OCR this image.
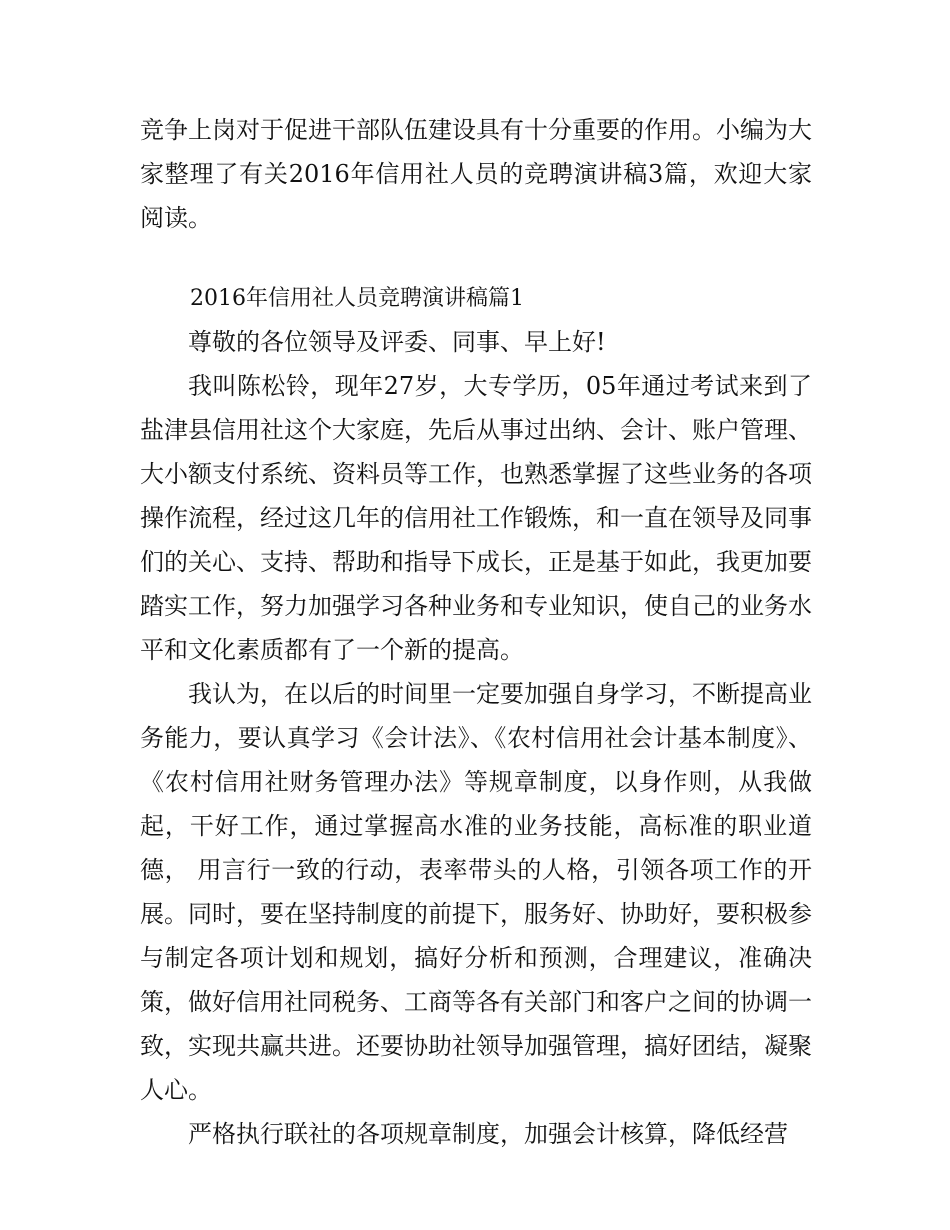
竞争上岗对于促进干部队伍建设具有十分重要的作用。小编为大家整理了有关2016年信用社人员的竞聘演讲稿3篇，欢迎大家阅读。
2016年信用社人员竞聘演讲稿篇1

尊敬的各位领导及评委、同事、早上好!

我叫陈松铃，现年27岁，大专学历，05年通过考试来到了盐津县信用社这个大家庭，先后从事过出纳、会计、账户管理、大小额支付系统、资料员等工作，也熟悉掌握了这些业务的各项操作流程，经过这几年的信用社工作锻炼，和一直在领导及同事们的关心、支持、帮助和指导下成长，正是基于如此，我更加要踏实工作，努力加强学习各种业务和专业知识，使自己的业务水平和文化素质都有了一个新的提高。

我认为，在以后的时间里一定要加强自身学习，不断提高业务能力，要认真学习《会计法》、《农村信用社会计基本制度》、《农村信用社财务管理办法》等规章制度，以身作则，从我做起，干好工作，通过掌握高水准的业务技能，高标准的职业道德， 用言行一致的行动，表率带头的人格，引领各项工作的开展。同时，要在坚持制度的前提下，服务好、协助好，要积极参与制定各项计划和规划，搞好分析和预测，合理建议，准确决策，做好信用社同税务、工商等各有关部门和客户之间的协调一致，实现共赢共进。还要协助社领导加强管理，搞好团结，凝聚人心。

严格执行联社的各项规章制度，加强会计核算，降低经营
